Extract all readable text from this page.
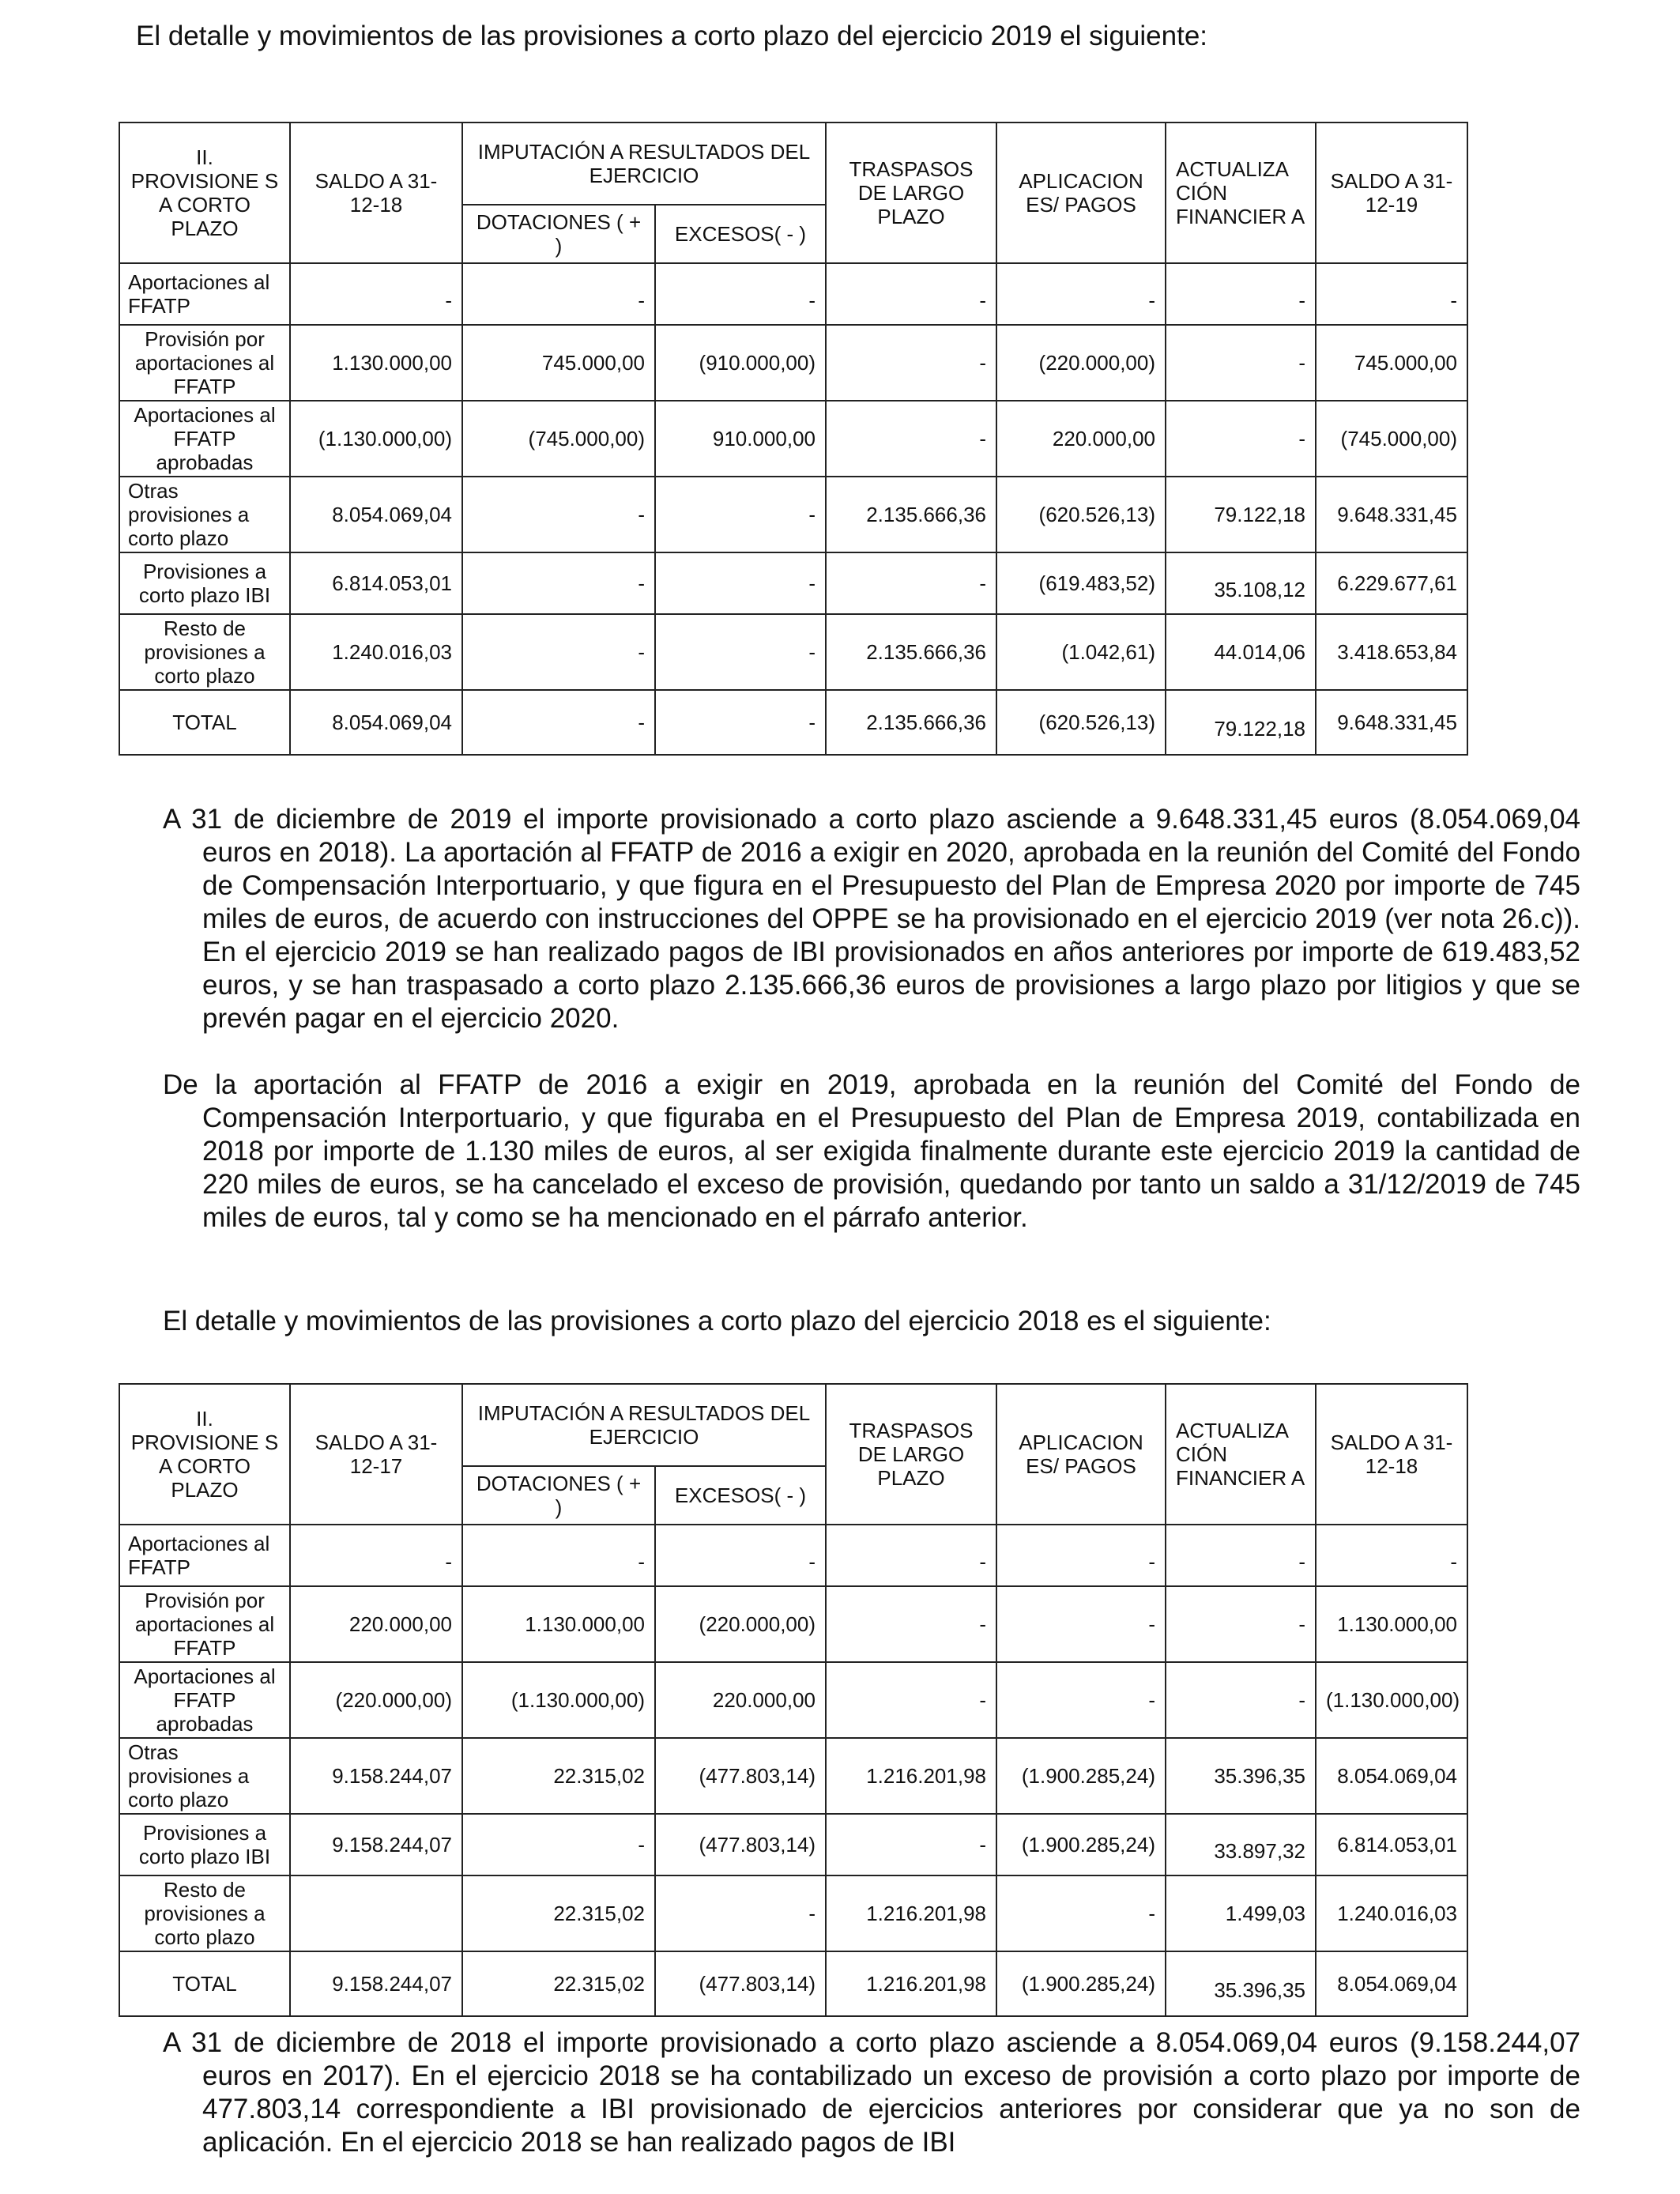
El detalle y movimientos de las provisiones a corto plazo del ejercicio 2019 el siguiente:
II. PROVISIONE S A CORTO PLAZO	SALDO A 31-12-18	IMPUTACIÓN A RESULTADOS DEL EJERCICIO		TRASPASOS DE LARGO PLAZO	APLICACION ES/ PAGOS	ACTUALIZA CIÓN FINANCIER A	SALDO A 31-12-19
		DOTACIONES ( + )	EXCESOS( - )				
Aportaciones al FFATP	-	-	-	-	-	-	-
Provisión por aportaciones al FFATP	1.130.000,00	745.000,00	(910.000,00)	-	(220.000,00)	-	745.000,00
Aportaciones al FFATP aprobadas	(1.130.000,00)	(745.000,00)	910.000,00	-	220.000,00	-	(745.000,00)
Otras provisiones a corto plazo	8.054.069,04	-	-	2.135.666,36	(620.526,13)	79.122,18	9.648.331,45
Provisiones a corto plazo IBI	6.814.053,01	-	-	-	(619.483,52)	35.108,12	6.229.677,61
Resto de provisiones a corto plazo	1.240.016,03	-	-	2.135.666,36	(1.042,61)	44.014,06	3.418.653,84
TOTAL	8.054.069,04	-	-	2.135.666,36	(620.526,13)	79.122,18	9.648.331,45
A 31 de diciembre de 2019 el importe provisionado a corto plazo asciende a 9.648.331,45 euros (8.054.069,04 euros en 2018). La aportación al FFATP de 2016 a exigir en 2020, aprobada en la reunión del Comité del Fondo de Compensación Interportuario, y que figura en el Presupuesto del Plan de Empresa 2020 por importe de 745 miles de euros, de acuerdo con instrucciones del OPPE se ha provisionado en el ejercicio 2019 (ver nota 26.c)). En el ejercicio 2019 se han realizado pagos de IBI provisionados en años anteriores por importe de 619.483,52 euros, y se han traspasado a corto plazo 2.135.666,36 euros de provisiones a largo plazo por litigios y que se prevén pagar en el ejercicio 2020.
De la aportación al FFATP de 2016 a exigir en 2019, aprobada en la reunión del Comité del Fondo de Compensación Interportuario, y que figuraba en el Presupuesto del Plan de Empresa 2019, contabilizada en 2018 por importe de 1.130 miles de euros, al ser exigida finalmente durante este ejercicio 2019 la cantidad de 220 miles de euros, se ha cancelado el exceso de provisión, quedando por tanto un saldo a 31/12/2019 de 745 miles de euros, tal y como se ha mencionado en el párrafo anterior.
El detalle y movimientos de las provisiones a corto plazo del ejercicio 2018 es el siguiente:
II. PROVISIONE S A CORTO PLAZO	SALDO A 31-12-17	IMPUTACIÓN A RESULTADOS DEL EJERCICIO		TRASPASOS DE LARGO PLAZO	APLICACION ES/ PAGOS	ACTUALIZA CIÓN FINANCIER A	SALDO A 31-12-18
		DOTACIONES ( + )	EXCESOS( - )				
Aportaciones al FFATP	-	-	-	-	-	-	-
Provisión por aportaciones al FFATP	220.000,00	1.130.000,00	(220.000,00)	-	-	-	1.130.000,00
Aportaciones al FFATP aprobadas	(220.000,00)	(1.130.000,00)	220.000,00	-	-	-	(1.130.000,00)
Otras provisiones a corto plazo	9.158.244,07	22.315,02	(477.803,14)	1.216.201,98	(1.900.285,24)	35.396,35	8.054.069,04
Provisiones a corto plazo IBI	9.158.244,07	-	(477.803,14)	-	(1.900.285,24)	33.897,32	6.814.053,01
Resto de provisiones a corto plazo		22.315,02	-	1.216.201,98	-	1.499,03	1.240.016,03
TOTAL	9.158.244,07	22.315,02	(477.803,14)	1.216.201,98	(1.900.285,24)	35.396,35	8.054.069,04
A 31 de diciembre de 2018 el importe provisionado a corto plazo asciende a 8.054.069,04 euros (9.158.244,07 euros en 2017). En el ejercicio 2018 se ha contabilizado un exceso de provisión a corto plazo por importe de 477.803,14 correspondiente a IBI provisionado de ejercicios anteriores por considerar que ya no son de aplicación. En el ejercicio 2018 se han realizado pagos de IBI
